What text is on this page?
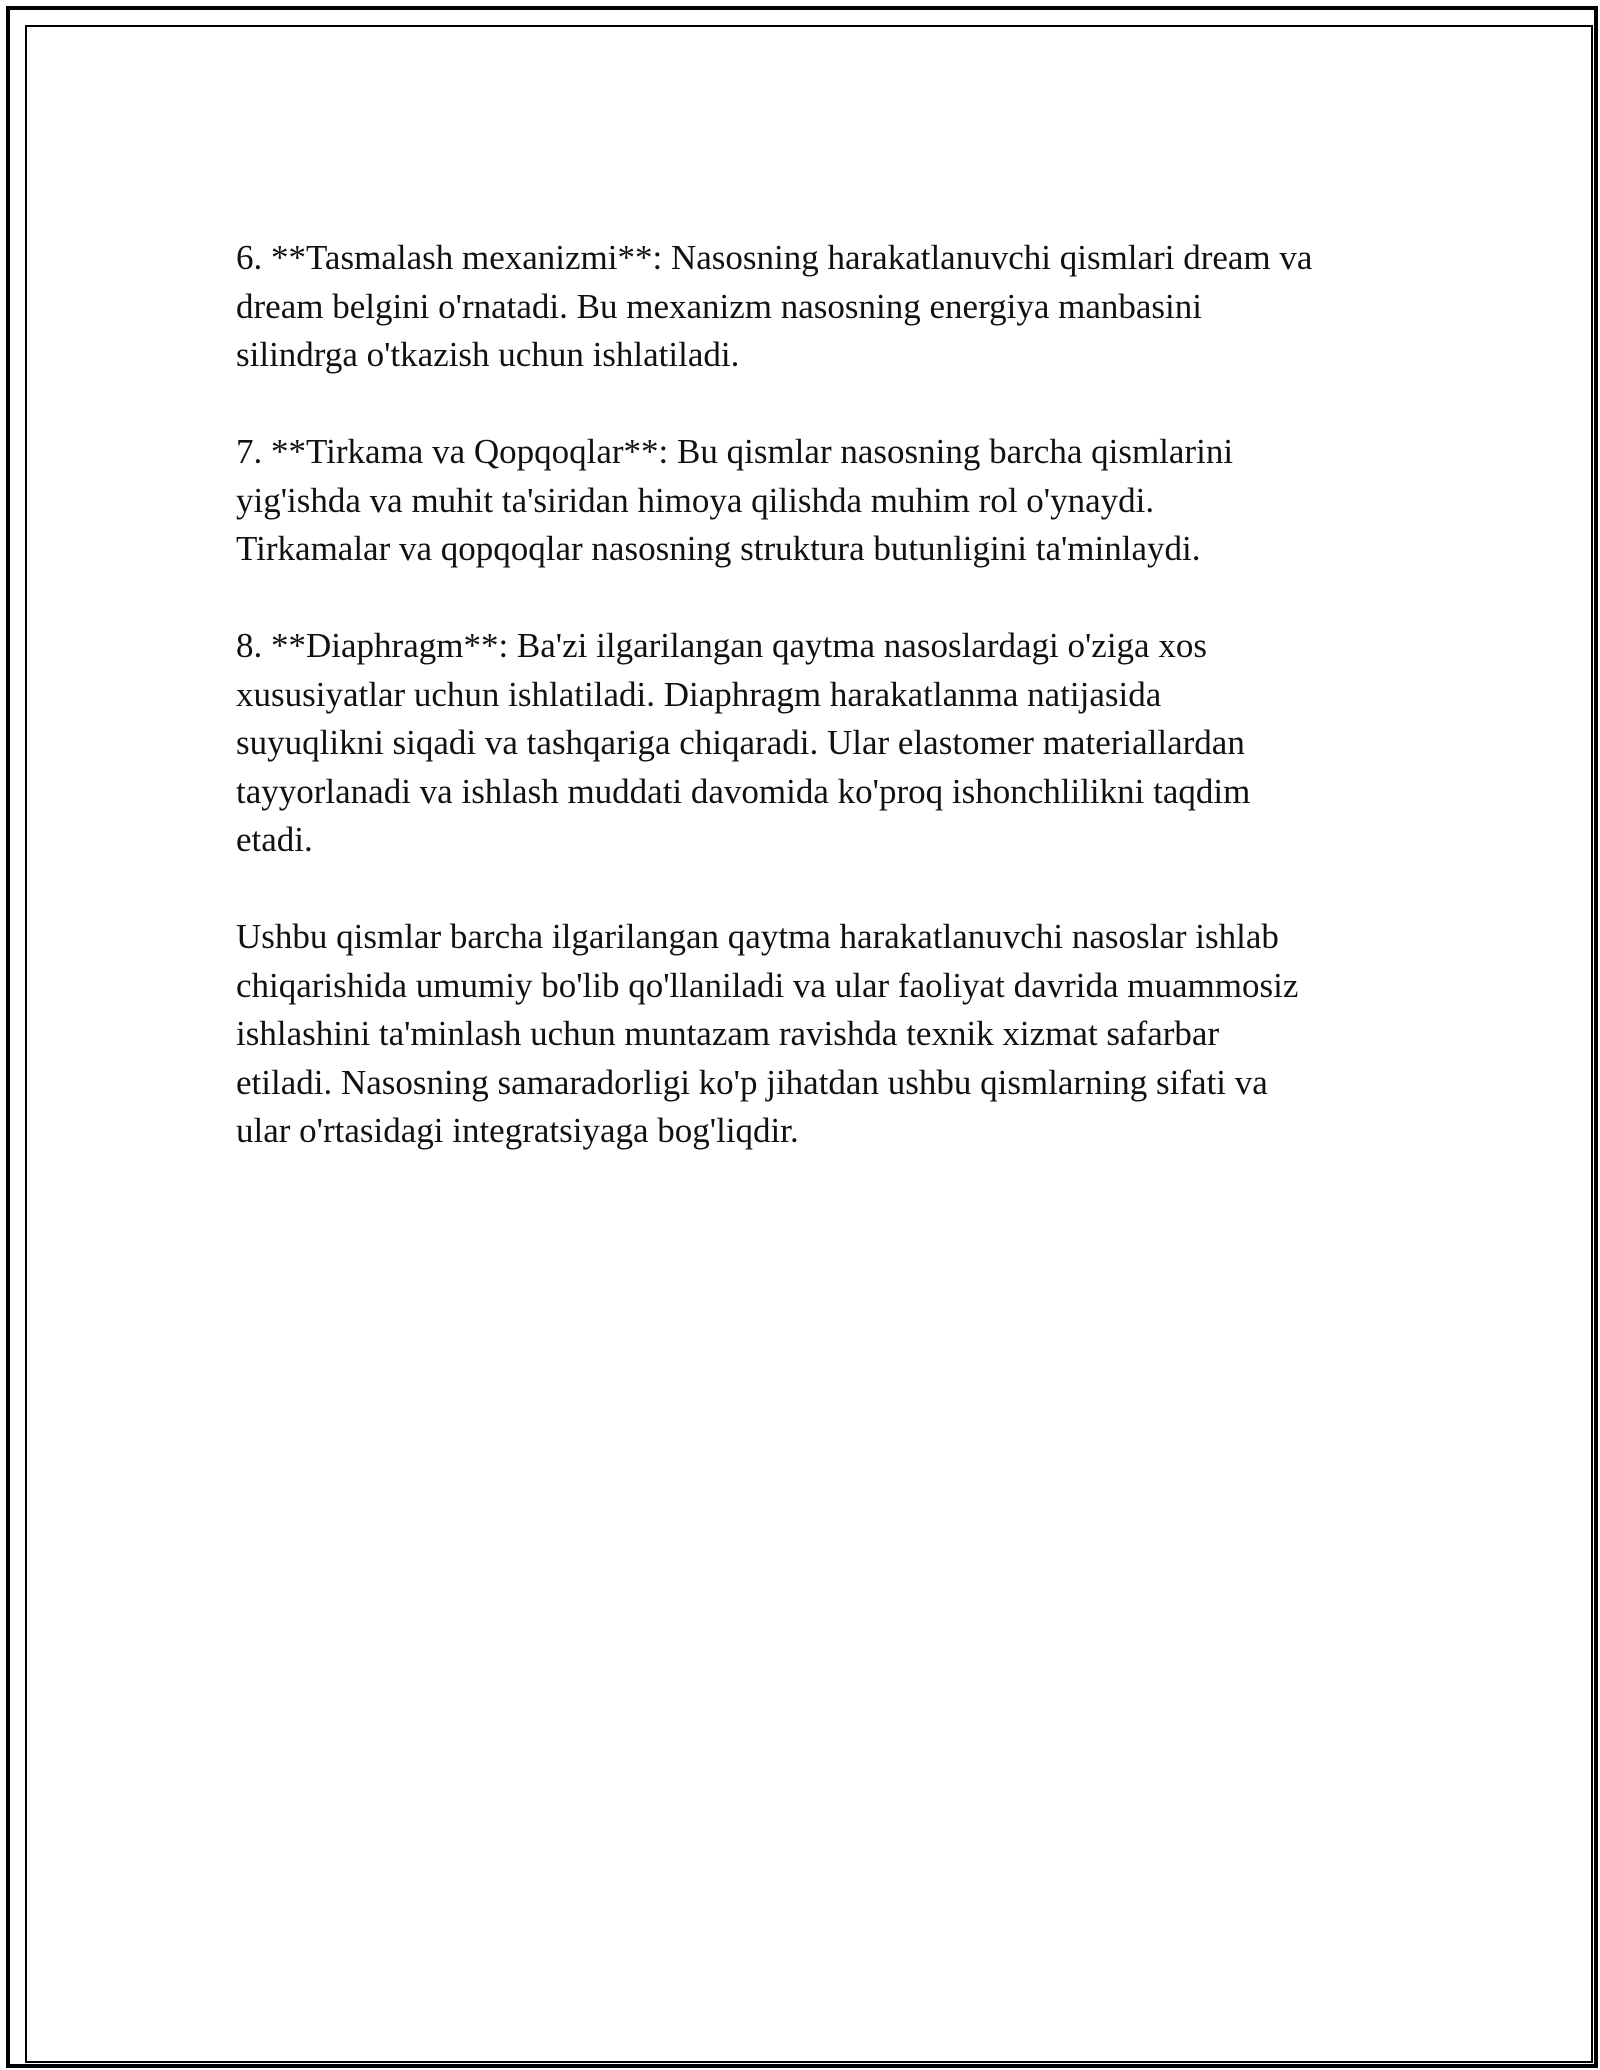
6. **Tasmalash mexanizmi**: Nasosning harakatlanuvchi qismlari dream va
dream belgini o'rnatadi. Bu mexanizm nasosning energiya manbasini
silindrga o'tkazish uchun ishlatiladi.

7. **Tirkama va Qopqoqlar**: Bu qismlar nasosning barcha qismlarini
yig'ishda va muhit ta'siridan himoya qilishda muhim rol o'ynaydi.
Tirkamalar va qopqoqlar nasosning struktura butunligini ta'minlaydi.

8. **Diaphragm**: Ba'zi ilgarilangan qaytma nasoslardagi o'ziga xos
xususiyatlar uchun ishlatiladi. Diaphragm harakatlanma natijasida
suyuqlikni siqadi va tashqariga chiqaradi. Ular elastomer materiallardan
tayyorlanadi va ishlash muddati davomida ko'proq ishonchlilikni taqdim
etadi.

Ushbu qismlar barcha ilgarilangan qaytma harakatlanuvchi nasoslar ishlab
chiqarishida umumiy bo'lib qo'llaniladi va ular faoliyat davrida muammosiz
ishlashini ta'minlash uchun muntazam ravishda texnik xizmat safarbar
etiladi. Nasosning samaradorligi ko'p jihatdan ushbu qismlarning sifati va
ular o'rtasidagi integratsiyaga bog'liqdir.
